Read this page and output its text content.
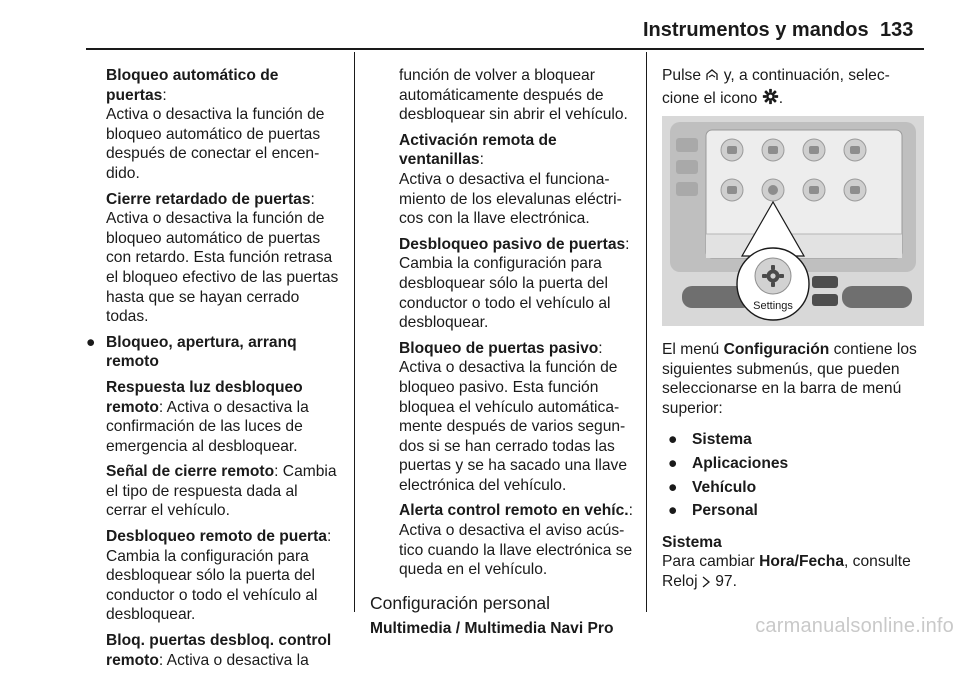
Instrumentos y mandos 133

Bloqueo automático de puertas:
Activa o desactiva la función de bloqueo automático de puertas después de conectar el encen-dido.

Cierre retardado de puertas:
Activa o desactiva la función de bloqueo automático de puertas con retardo. Esta función retrasa el bloqueo efectivo de las puertas hasta que se hayan cerrado todas.

● Bloqueo, apertura, arranq remoto

Respuesta luz desbloqueo remoto: Activa o desactiva la confirmación de las luces de emergencia al desbloquear.

Señal de cierre remoto: Cambia el tipo de respuesta dada al cerrar el vehículo.

Desbloqueo remoto de puerta:
Cambia la configuración para desbloquear sólo la puerta del conductor o todo el vehículo al desbloquear.

Bloq. puertas desbloq. control remoto: Activa o desactiva la

función de volver a bloquear automáticamente después de desbloquear sin abrir el vehículo.

Activación remota de ventanillas:
Activa o desactiva el funciona-miento de los elevalunas eléctri-cos con la llave electrónica.

Desbloqueo pasivo de puertas:
Cambia la configuración para desbloquear sólo la puerta del conductor o todo el vehículo al desbloquear.

Bloqueo de puertas pasivo:
Activa o desactiva la función de bloqueo pasivo. Esta función bloquea el vehículo automática-mente después de varios segun-dos si se han cerrado todas las puertas y se ha sacado una llave electrónica del vehículo.

Alerta control remoto en vehíc.:
Activa o desactiva el aviso acús-tico cuando la llave electrónica se queda en el vehículo.

Configuración personal
Multimedia / Multimedia Navi Pro

Pulse y, a continuación, selec-cione el icono .

Settings

El menú Configuración contiene los siguientes submenús, que pueden seleccionarse en la barra de menú superior:

● Sistema
● Aplicaciones
● Vehículo
● Personal
Sistema

Para cambiar Hora/Fecha, consulte Reloj 97.

carmanualsonline.info
